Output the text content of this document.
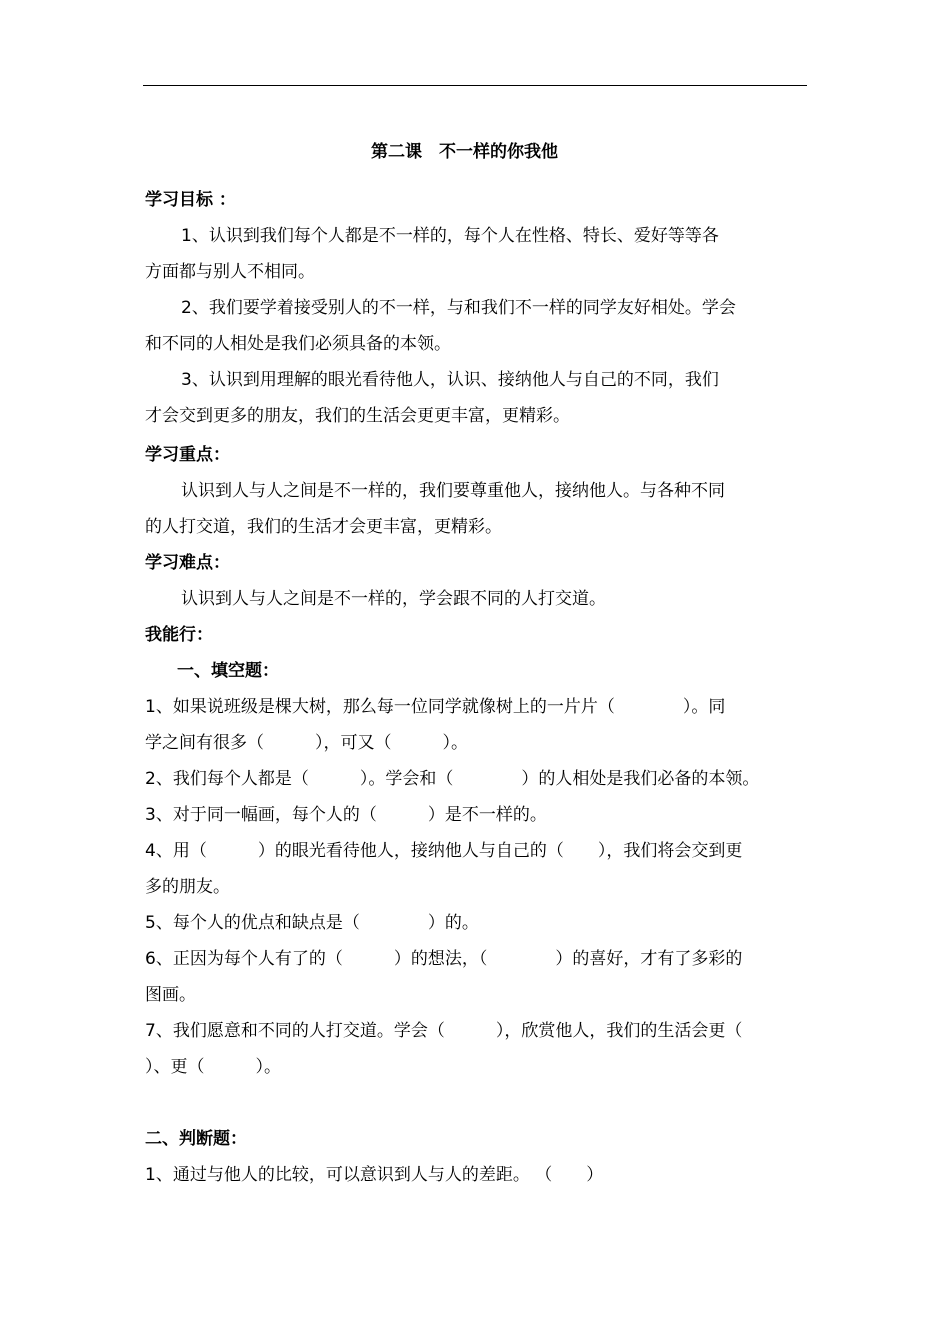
第二课　不一样的你我他
学习目标 ：
1、认识到我们每个人都是不一样的，每个人在性格、特长、爱好等等各
方面都与别人不相同。
2、我们要学着接受别人的不一样，与和我们不一样的同学友好相处。学会
和不同的人相处是我们必须具备的本领。
3、认识到用理解的眼光看待他人，认识、接纳他人与自己的不同，我们
才会交到更多的朋友，我们的生活会更更丰富，更精彩。
学习重点：
认识到人与人之间是不一样的，我们要尊重他人，接纳他人。与各种不同
的人打交道，我们的生活才会更丰富，更精彩。
学习难点：
认识到人与人之间是不一样的，学会跟不同的人打交道。
我能行：
一、填空题：
1、如果说班级是棵大树，那么每一位同学就像树上的一片片（　　　　）。同
学之间有很多（　　　），可又（　　　）。
2、我们每个人都是（　　　）。学会和（　　　　）的人相处是我们必备的本领。
3、对于同一幅画，每个人的（　　　）是不一样的。
4、用（　　　）的眼光看待他人，接纳他人与自己的（　　），我们将会交到更
多的朋友。
5、每个人的优点和缺点是（　　　　）的。
6、正因为每个人有了的（　　　）的想法，（　　　　）的喜好，才有了多彩的
图画。
7、我们愿意和不同的人打交道。学会（　　　），欣赏他人，我们的生活会更（
）、更（　　　）。
二、判断题：
1、通过与他人的比较，可以意识到人与人的差距。 （　　）
